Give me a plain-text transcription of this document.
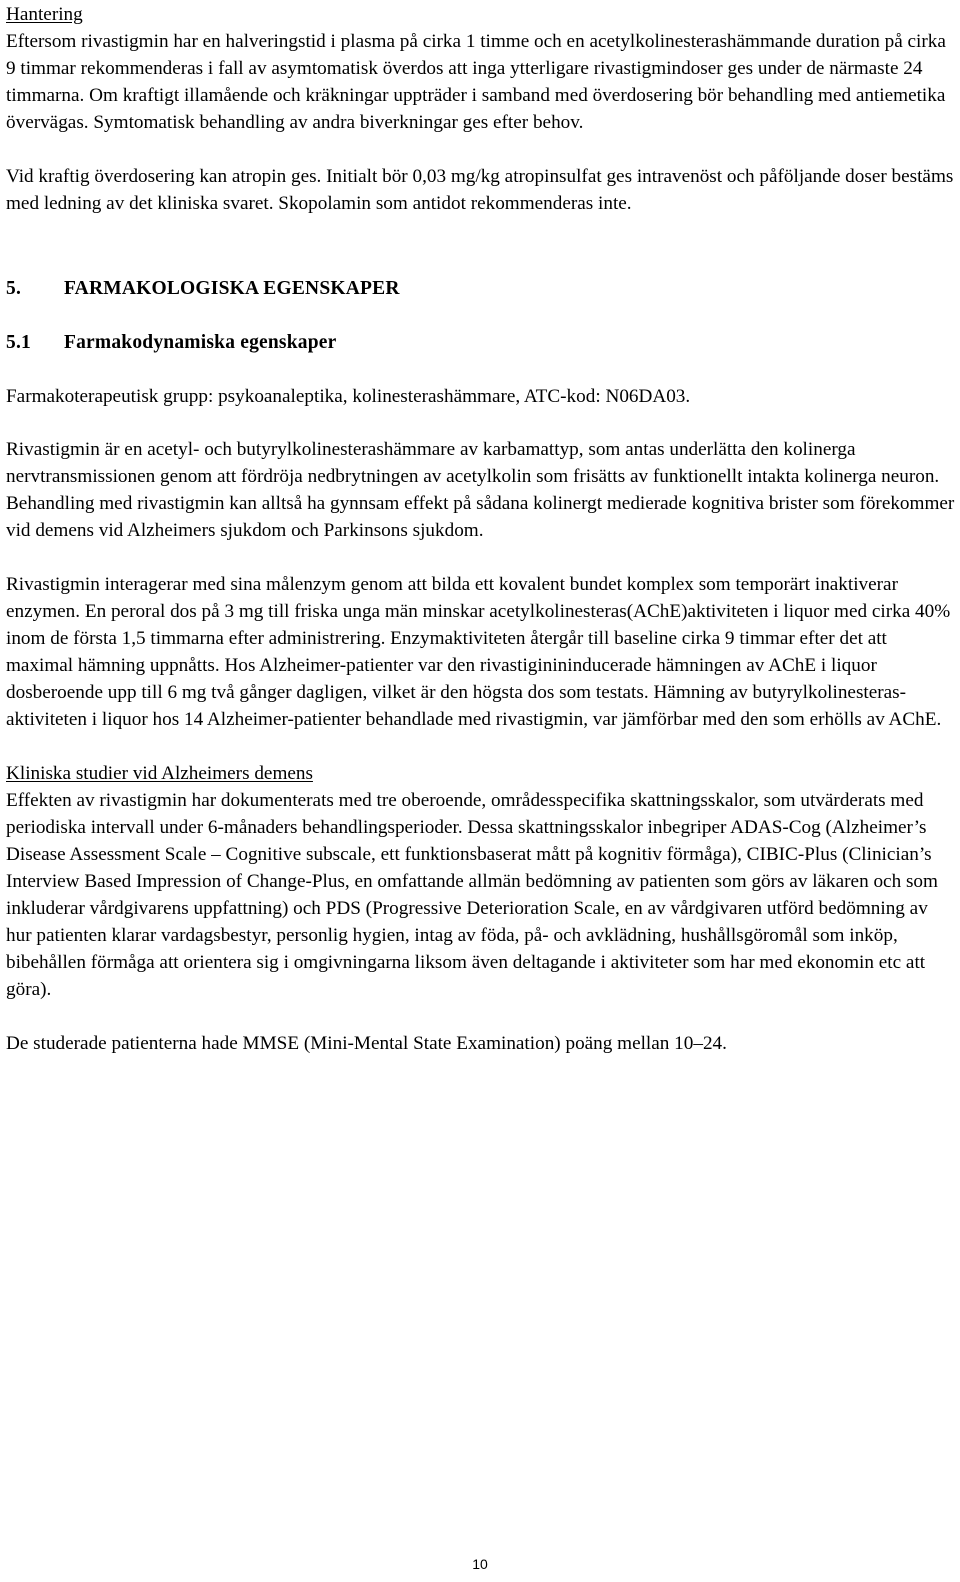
Hantering

Eftersom rivastigmin har en halveringstid i plasma på cirka 1 timme och en acetylkolinesterashämmande duration på cirka 9 timmar rekommenderas i fall av asymtomatisk överdos att inga ytterligare rivastigmindoser ges under de närmaste 24 timmarna. Om kraftigt illamående och kräkningar uppträder i samband med överdosering bör behandling med antiemetika övervägas. Symtomatisk behandling av andra biverkningar ges efter behov.

Vid kraftig överdosering kan atropin ges. Initialt bör 0,03 mg/kg atropinsulfat ges intravenöst och påföljande doser bestäms med ledning av det kliniska svaret. Skopolamin som antidot rekommenderas inte.

5. FARMAKOLOGISKA EGENSKAPER

5.1 Farmakodynamiska egenskaper

Farmakoterapeutisk grupp: psykoanaleptika, kolinesterashämmare, ATC-kod: N06DA03.

Rivastigmin är en acetyl- och butyrylkolinesterashämmare av karbamattyp, som antas underlätta den kolinerga nervtransmissionen genom att fördröja nedbrytningen av acetylkolin som frisätts av funktionellt intakta kolinerga neuron. Behandling med rivastigmin kan alltså ha gynnsam effekt på sådana kolinergt medierade kognitiva brister som förekommer vid demens vid Alzheimers sjukdom och Parkinsons sjukdom.

Rivastigmin interagerar med sina målenzym genom att bilda ett kovalent bundet komplex som temporärt inaktiverar enzymen. En peroral dos på 3 mg till friska unga män minskar acetylkolinesteras(AChE)aktiviteten i liquor med cirka 40% inom de första 1,5 timmarna efter administrering. Enzymaktiviteten återgår till baseline cirka 9 timmar efter det att maximal hämning uppnåtts. Hos Alzheimer-patienter var den rivastiginininducerade hämningen av AChE i liquor dosberoende upp till 6 mg två gånger dagligen, vilket är den högsta dos som testats. Hämning av butyrylkolinesteras-aktiviteten i liquor hos 14 Alzheimer-patienter behandlade med rivastigmin, var jämförbar med den som erhölls av AChE.

Kliniska studier vid Alzheimers demens

Effekten av rivastigmin har dokumenterats med tre oberoende, områdesspecifika skattningsskalor, som utvärderats med periodiska intervall under 6-månaders behandlingsperioder. Dessa skattningsskalor inbegriper ADAS-Cog (Alzheimer’s Disease Assessment Scale – Cognitive subscale, ett funktionsbaserat mått på kognitiv förmåga), CIBIC-Plus (Clinician’s Interview Based Impression of Change-Plus, en omfattande allmän bedömning av patienten som görs av läkaren och som inkluderar vårdgivarens uppfattning) och PDS (Progressive Deterioration Scale, en av vårdgivaren utförd bedömning av hur patienten klarar vardagsbestyr, personlig hygien, intag av föda, på- och avklädning, hushållsgöromål som inköp, bibehållen förmåga att orientera sig i omgivningarna liksom även deltagande i aktiviteter som har med ekonomin etc att göra).

De studerade patienterna hade MMSE (Mini-Mental State Examination) poäng mellan 10–24.

10
